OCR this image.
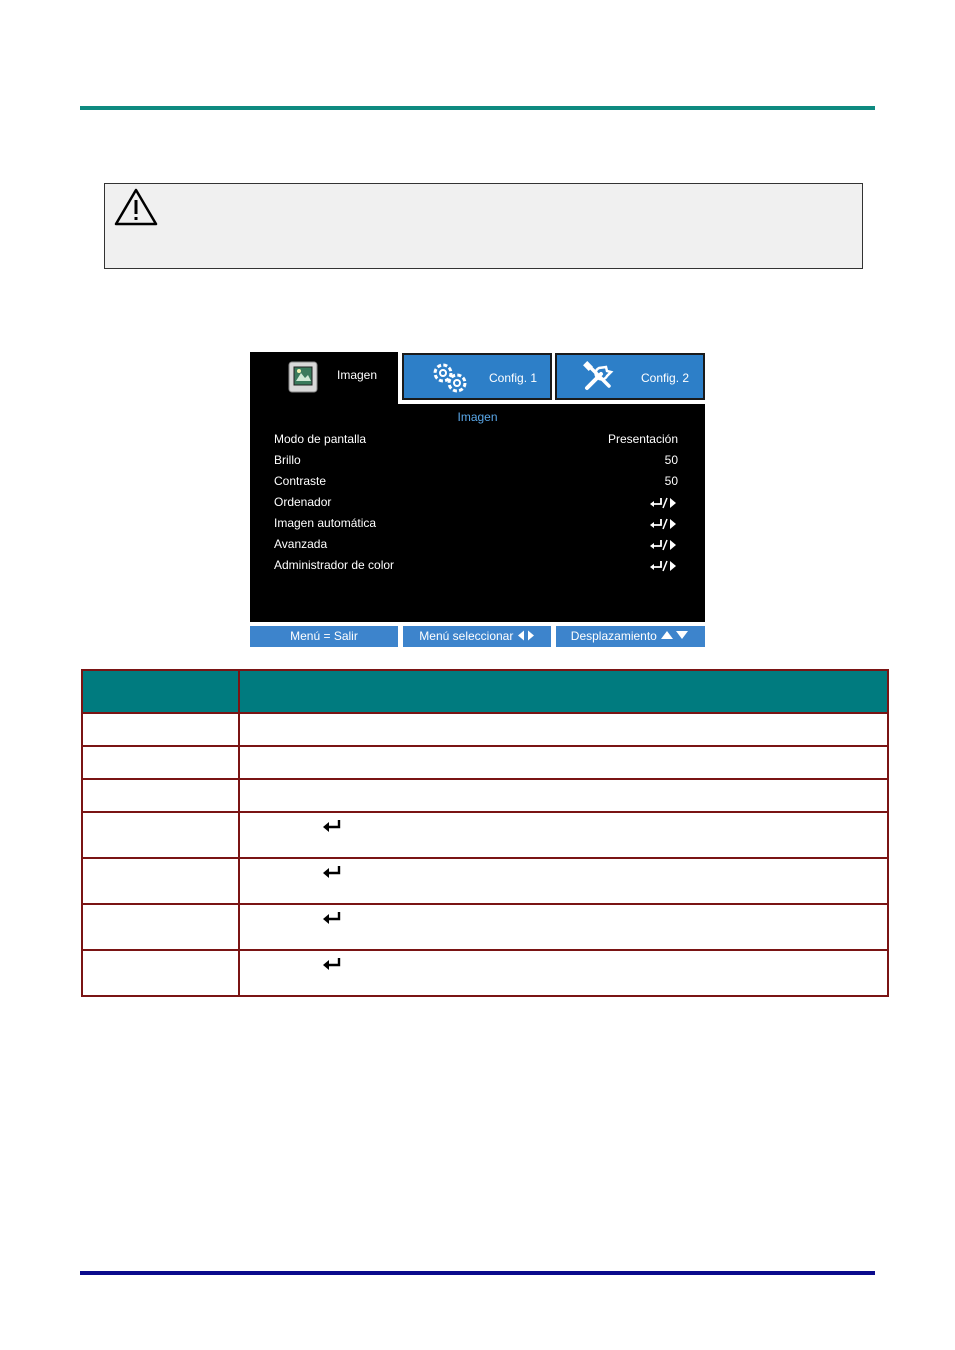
Imagen	Config. 1	Config. 2
Imagen
Modo de pantalla	Presentación
Brillo	50
Contraste	50
Ordenador
Imagen automática
Avanzada
Administrador de color
Menú = Salir	Menú seleccionar	Desplazamiento
